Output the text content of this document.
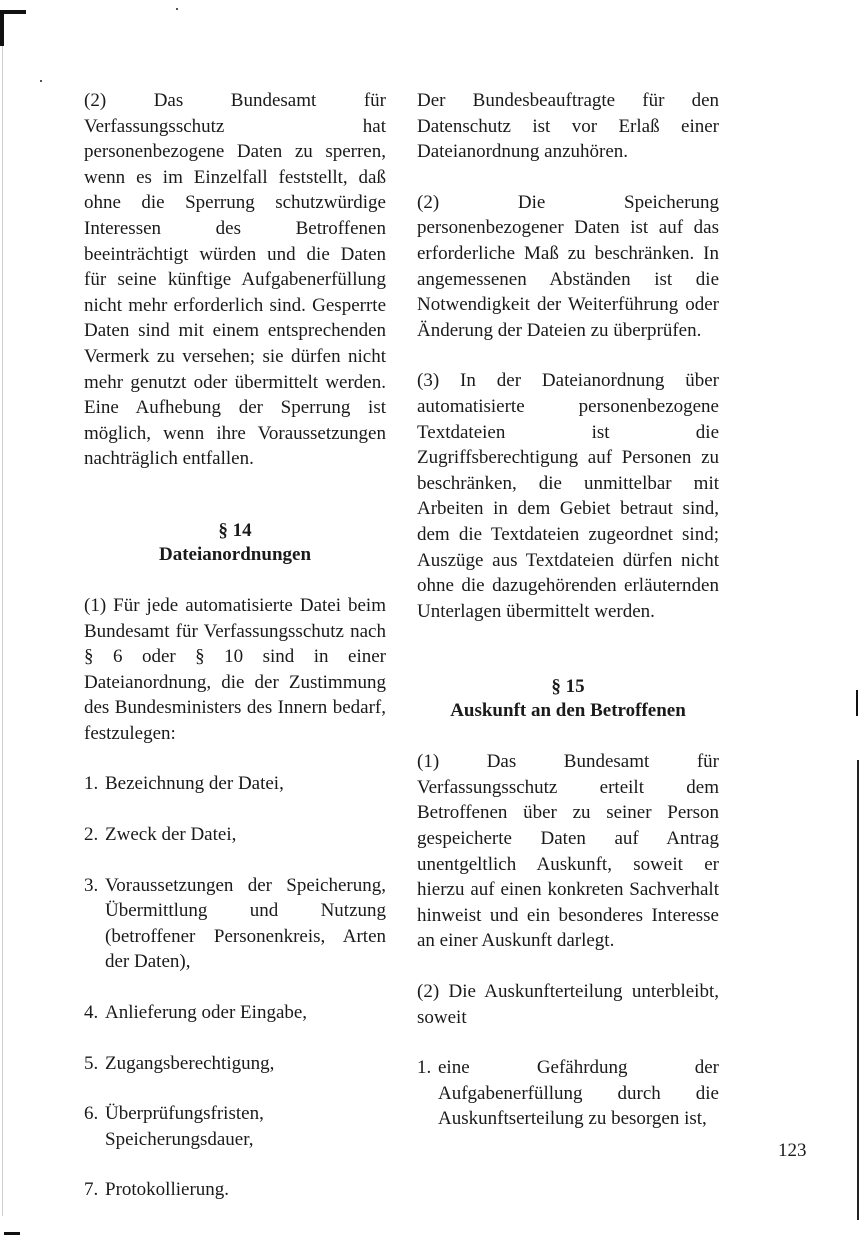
(2) Das Bundesamt für Verfassungsschutz hat personenbezogene Daten zu sperren, wenn es im Einzelfall feststellt, daß ohne die Sperrung schutzwürdige Interessen des Betroffenen beeinträchtigt würden und die Daten für seine künftige Aufgabenerfüllung nicht mehr erforderlich sind. Gesperrte Daten sind mit einem entsprechenden Vermerk zu versehen; sie dürfen nicht mehr genutzt oder übermittelt werden. Eine Aufhebung der Sperrung ist möglich, wenn ihre Voraussetzungen nachträglich entfallen.

§ 14

Dateianordnungen

(1) Für jede automatisierte Datei beim Bundesamt für Verfassungsschutz nach § 6 oder § 10 sind in einer Dateianordnung, die der Zustimmung des Bundesministers des Innern bedarf, festzulegen:

1. Bezeichnung der Datei,
2. Zweck der Datei,
3. Voraussetzungen der Speicherung, Übermittlung und Nutzung (betroffener Personenkreis, Arten der Daten),
4. Anlieferung oder Eingabe,
5. Zugangsberechtigung,
6. Überprüfungsfristen, Speicherungsdauer,
7. Protokollierung.

Der Bundesbeauftragte für den Datenschutz ist vor Erlaß einer Dateianordnung anzuhören.

(2) Die Speicherung personenbezogener Daten ist auf das erforderliche Maß zu beschränken. In angemessenen Abständen ist die Notwendigkeit der Weiterführung oder Änderung der Dateien zu überprüfen.

(3) In der Dateianordnung über automatisierte personenbezogene Textdateien ist die Zugriffsberechtigung auf Personen zu beschränken, die unmittelbar mit Arbeiten in dem Gebiet betraut sind, dem die Textdateien zugeordnet sind; Auszüge aus Textdateien dürfen nicht ohne die dazugehörenden erläuternden Unterlagen übermittelt werden.

§ 15

Auskunft an den Betroffenen

(1) Das Bundesamt für Verfassungsschutz erteilt dem Betroffenen über zu seiner Person gespeicherte Daten auf Antrag unentgeltlich Auskunft, soweit er hierzu auf einen konkreten Sachverhalt hinweist und ein besonderes Interesse an einer Auskunft darlegt.

(2) Die Auskunfterteilung unterbleibt, soweit

1. eine Gefährdung der Aufgabenerfüllung durch die Auskunftserteilung zu besorgen ist,
123
